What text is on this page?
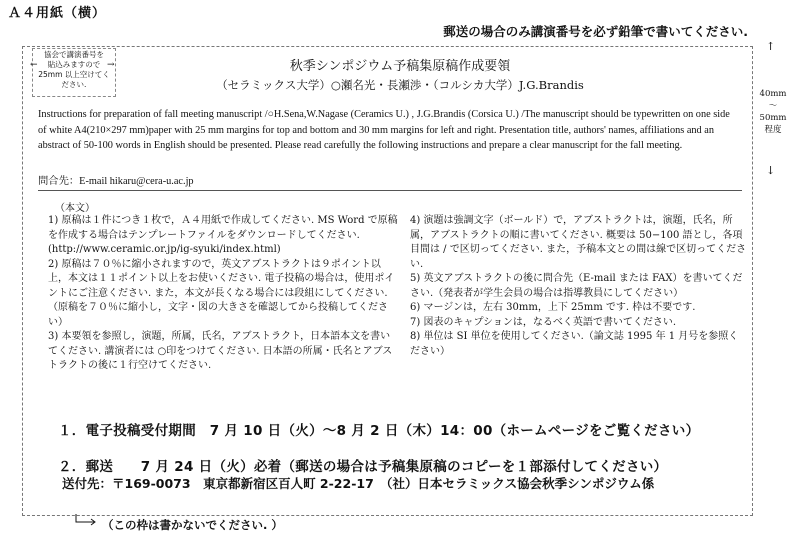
Ａ４用紙（横）
郵送の場合のみ講演番号を必ず鉛筆で書いてください.
協会で講演番号を
貼込みますので
25mm 以上空けてく
ださい.
←	→	秋季シンポジウム予稿集原稿作成要領
（セラミックス大学）○瀬名光・長瀬渉・（コルシカ大学）J.G.Brandis
Instructions for preparation of fall meeting manuscript /○H.Sena,W.Nagase (Ceramics U.) , J.G.Brandis (Corsica U.) /The manuscript should be typewritten on one side of white A4(210×297 mm)paper with 25 mm margins for top and bottom and 30 mm margins for left and right. Presentation title, authors' names, affiliations and an abstract of 50-100 words in English should be presented. Please read carefully the following instructions and prepare a clear manuscript for the fall meeting.
問合先：E-mail hikaru@cera-u.ac.jp
（本文）

1) 原稿は１件につき１枚で，Ａ４用紙で作成してください. MS Word で原稿を作成する場合はテンプレートファイルをダウンロードしてください.　(http://www.ceramic.or.jp/ig-syuki/index.html)

2) 原稿は７０％に縮小されますので，英文アブストラクトは９ポイント以上，本文は１１ポイント以上をお使いください. 電子投稿の場合は，使用ポイントにご注意ください. また，本文が長くなる場合には段組にしてください.（原稿を７０％に縮小し，文字・図の大きさを確認してから投稿してください）

3) 本要領を参照し，演題，所属，氏名，アブストラクト，日本語本文を書いてください. 講演者には ○印をつけてください. 日本語の所属・氏名とアブストラクトの後に１行空けてください.

4) 演題は強調文字（ボールド）で，アブストラクトは，演題，氏名，所属，アブストラクトの順に書いてください. 概要は 50−100 語とし，各項目間は / で区切ってください. また，予稿本文との間は線で区切ってください.

5) 英文アブストラクトの後に問合先（E-mail または FAX）を書いてください.（発表者が学生会員の場合は指導教員にしてください）

6) マージンは，左右 30mm，上下 25mm です. 枠は不要です.

7) 図表のキャプションは，なるべく英語で書いてください.

8) 単位は SI 単位を使用してください.（論文誌 1995 年 1 月号を参照ください）

↑
40mm
〜
50mm
程度
↓
１．電子投稿受付期間　7 月 10 日（火）〜8 月 2 日（木）14：00（ホームページをご覧ください）
２．郵送　　7 月 24 日（火）必着（郵送の場合は予稿集原稿のコピーを１部添付してください）
送付先：〒169-0073　東京都新宿区百人町 2-22-17　（社）日本セラミックス協会秋季シンポジウム係
（この枠は書かないでください. ）
